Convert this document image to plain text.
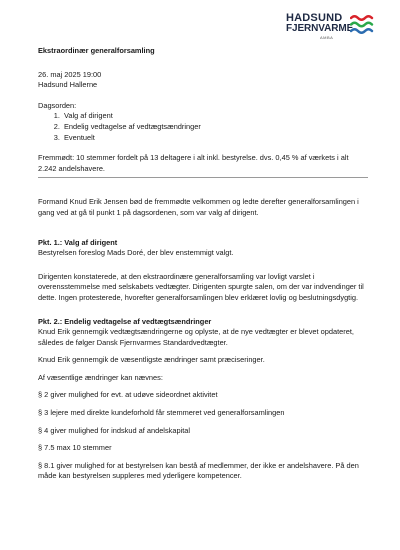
HADSUND
FJERNVARME
AMBA

Ekstraordinær generalforsamling

26. maj 2025 19:00

Hadsund Hallerne

Dagsorden:

1. Valg af dirigent
2. Endelig vedtagelse af vedtægtsændringer
3. Eventuelt

Fremmødt: 10 stemmer fordelt på 13 deltagere i alt inkl. bestyrelse. dvs. 0,45 % af værkets i alt 2.242 andelshavere.

Formand Knud Erik Jensen bød de fremmødte velkommen og ledte derefter generalforsamlingen i gang ved at gå til punkt 1 på dagsordenen, som var valg af dirigent.

Pkt. 1.: Valg af dirigent

Bestyrelsen foreslog Mads Doré, der blev enstemmigt valgt.

Dirigenten konstaterede, at den ekstraordinære generalforsamling var lovligt varslet i overensstemmelse med selskabets vedtægter. Dirigenten spurgte salen, om der var indvendinger til dette. Ingen protesterede, hvorefter generalforsamlingen blev erklæret lovlig og beslutningsdygtig.

Pkt. 2.: Endelig vedtagelse af vedtægtsændringer

Knud Erik gennemgik vedtægtsændringerne og oplyste, at de nye vedtægter er blevet opdateret, således de følger Dansk Fjernvarmes Standardvedtægter.

Knud Erik gennemgik de væsentligste ændringer samt præciseringer.

Af væsentlige ændringer kan nævnes:

§ 2 giver mulighed for evt. at udøve sideordnet aktivitet

§ 3 lejere med direkte kundeforhold får stemmeret ved generalforsamlingen

§ 4 giver mulighed for indskud af andelskapital

§ 7.5 max 10 stemmer

§ 8.1 giver mulighed for at bestyrelsen kan bestå af medlemmer, der ikke er andelshavere. På den måde kan bestyrelsen suppleres med yderligere kompetencer.
